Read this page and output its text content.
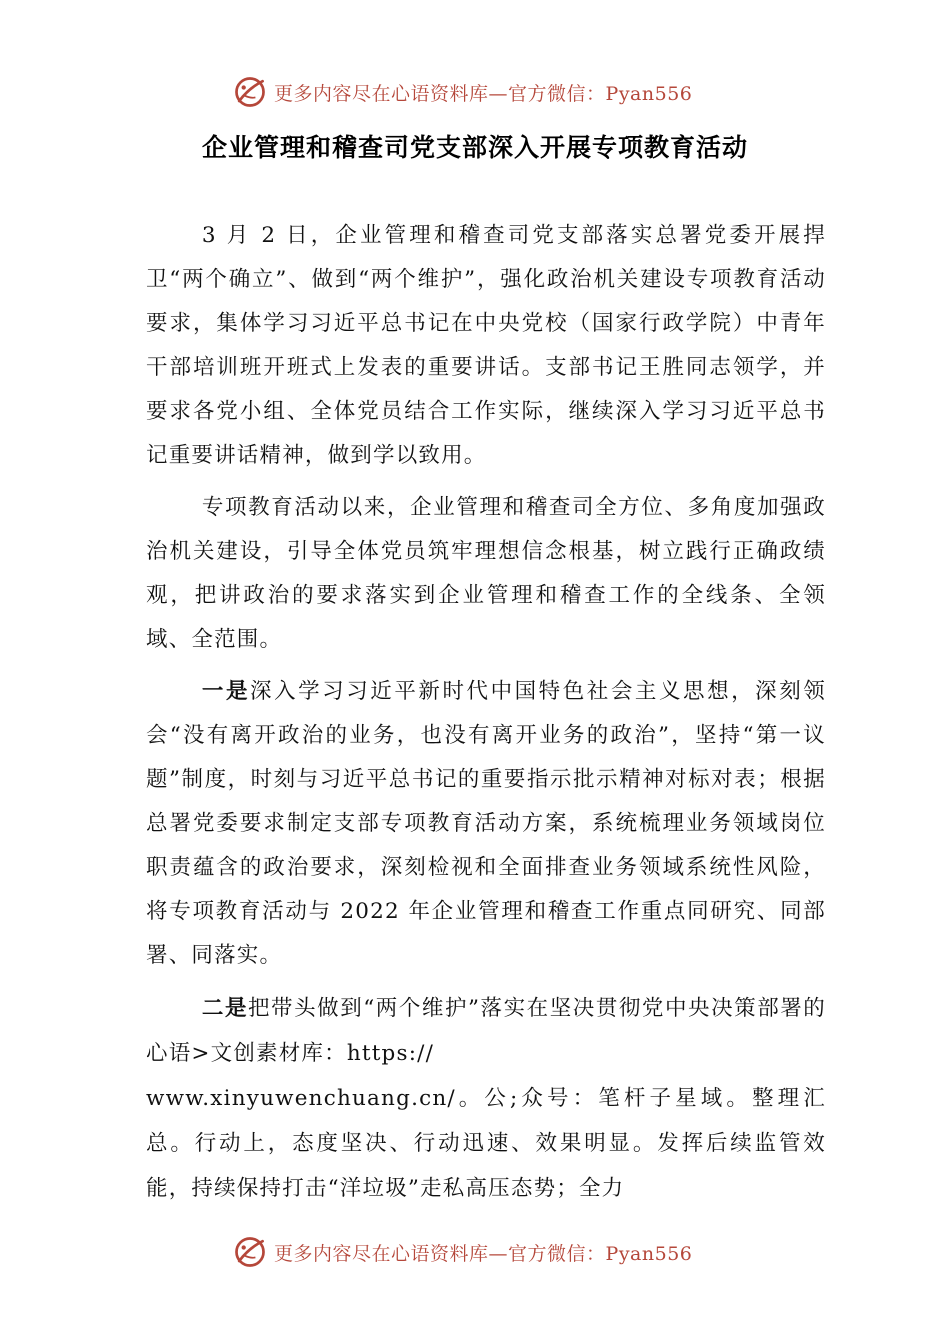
更多内容尽在心语资料库—官方微信：Pyan556
企业管理和稽查司党支部深入开展专项教育活动

3 月 2 日，企业管理和稽查司党支部落实总署党委开展捍卫“两个确立”、做到“两个维护”，强化政治机关建设专项教育活动要求，集体学习习近平总书记在中央党校（国家行政学院）中青年干部培训班开班式上发表的重要讲话。支部书记王胜同志领学，并要求各党小组、全体党员结合工作实际，继续深入学习习近平总书记重要讲话精神，做到学以致用。

专项教育活动以来，企业管理和稽查司全方位、多角度加强政治机关建设，引导全体党员筑牢理想信念根基，树立践行正确政绩观，把讲政治的要求落实到企业管理和稽查工作的全线条、全领域、全范围。

一是深入学习习近平新时代中国特色社会主义思想，深刻领会“没有离开政治的业务，也没有离开业务的政治”，坚持“第一议题”制度，时刻与习近平总书记的重要指示批示精神对标对表；根据总署党委要求制定支部专项教育活动方案，系统梳理业务领域岗位职责蕴含的政治要求，深刻检视和全面排查业务领域系统性风险，将专项教育活动与 2022 年企业管理和稽查工作重点同研究、同部署、同落实。

二是把带头做到“两个维护”落实在坚决贯彻党中央决策部署的心语>文创素材库：https://
www.xinyuwenchuang.cn/。公;众号：笔杆子星域。整理汇总。行动上，态度坚决、行动迅速、效果明显。发挥后续监管效能，持续保持打击“洋垃圾”走私高压态势；全力

更多内容尽在心语资料库—官方微信：Pyan556
